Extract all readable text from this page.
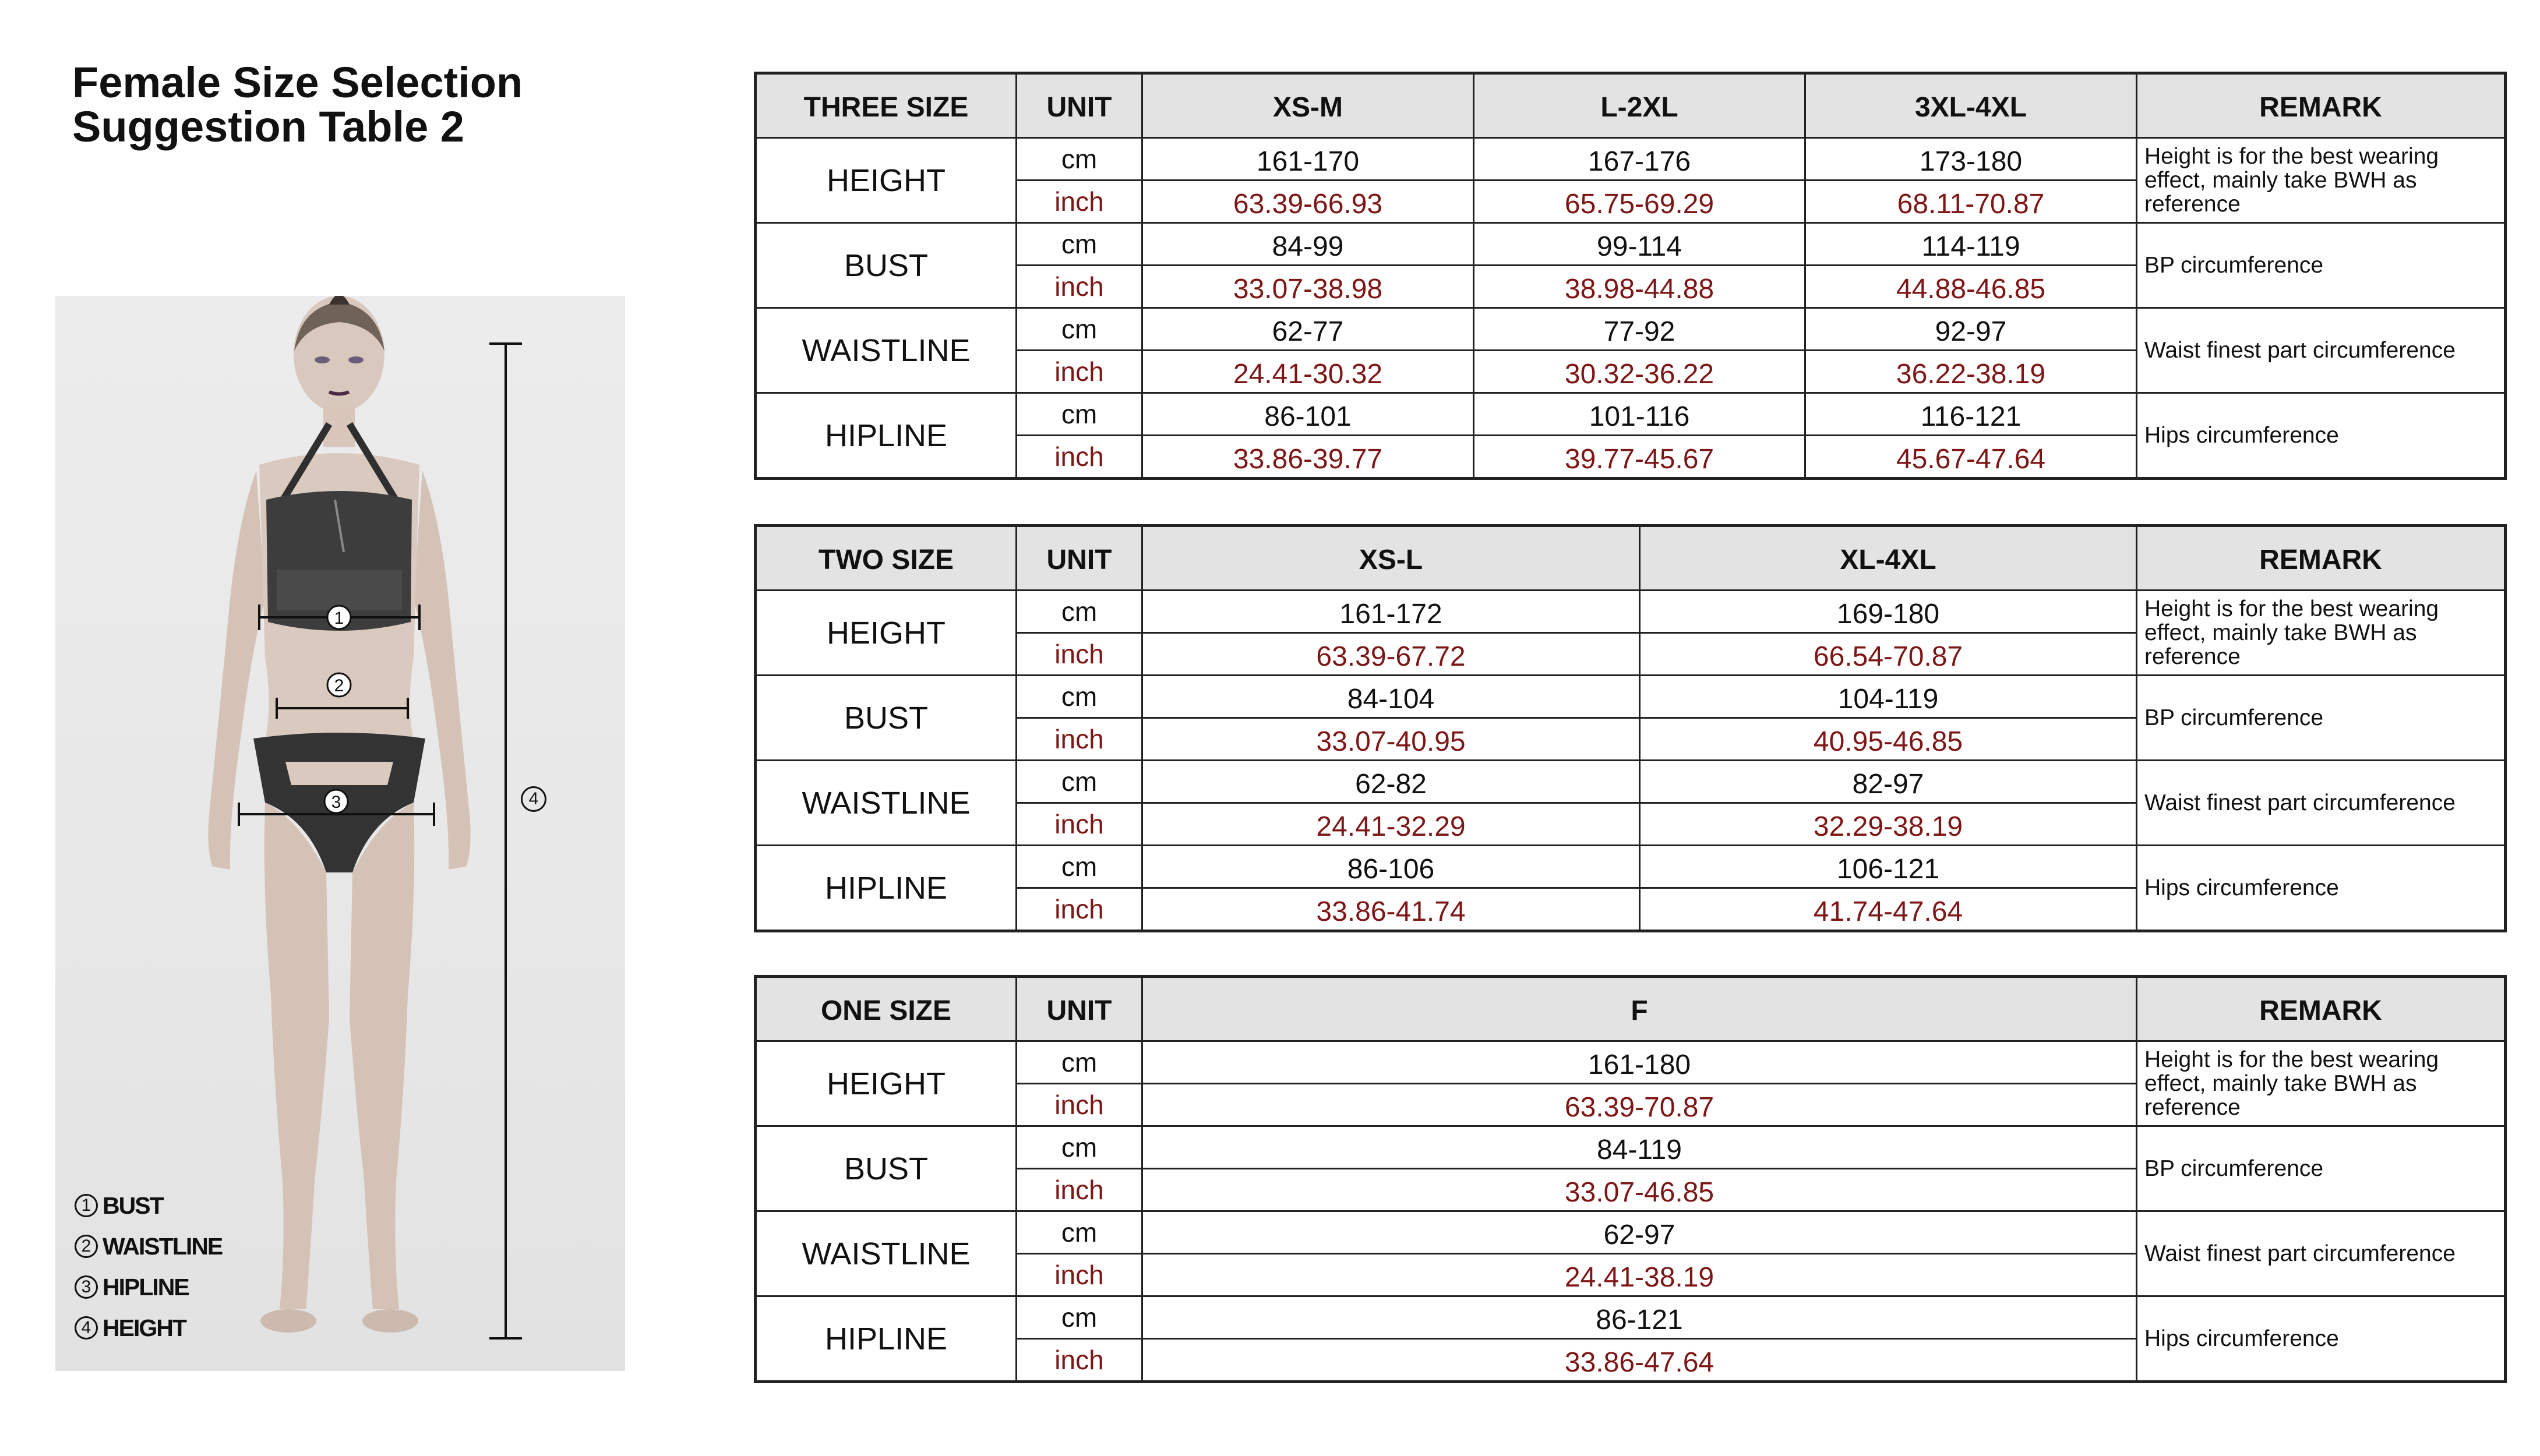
Female Size Selection
Suggestion Table 2
1
2
3	4
1 BUST
2 WAISTLINE
3 HIPLINE
4 HEIGHT
THREE SIZE	UNIT	XS-M	L-2XL	3XL-4XL	REMARK
HEIGHT	cm	161-170	167-176	173-180	Height is for the best wearing effect, mainly take BWH as reference
	inch	63.39-66.93	65.75-69.29	68.11-70.87	
BUST	cm	84-99	99-114	114-119	BP circumference
	inch	33.07-38.98	38.98-44.88	44.88-46.85	
WAISTLINE	cm	62-77	77-92	92-97	Waist finest part circumference
	inch	24.41-30.32	30.32-36.22	36.22-38.19	
HIPLINE	cm	86-101	101-116	116-121	Hips circumference
	inch	33.86-39.77	39.77-45.67	45.67-47.64	
TWO SIZE	UNIT	XS-L	XL-4XL	REMARK
HEIGHT	cm	161-172	169-180	Height is for the best wearing effect, mainly take BWH as reference
	inch	63.39-67.72	66.54-70.87	
BUST	cm	84-104	104-119	BP circumference
	inch	33.07-40.95	40.95-46.85	
WAISTLINE	cm	62-82	82-97	Waist finest part circumference
	inch	24.41-32.29	32.29-38.19	
HIPLINE	cm	86-106	106-121	Hips circumference
	inch	33.86-41.74	41.74-47.64	
ONE SIZE	UNIT	F	REMARK
HEIGHT	cm	161-180	Height is for the best wearing effect, mainly take BWH as reference
	inch	63.39-70.87	
BUST	cm	84-119	BP circumference
	inch	33.07-46.85	
WAISTLINE	cm	62-97	Waist finest part circumference
	inch	24.41-38.19	
HIPLINE	cm	86-121	Hips circumference
	inch	33.86-47.64	
